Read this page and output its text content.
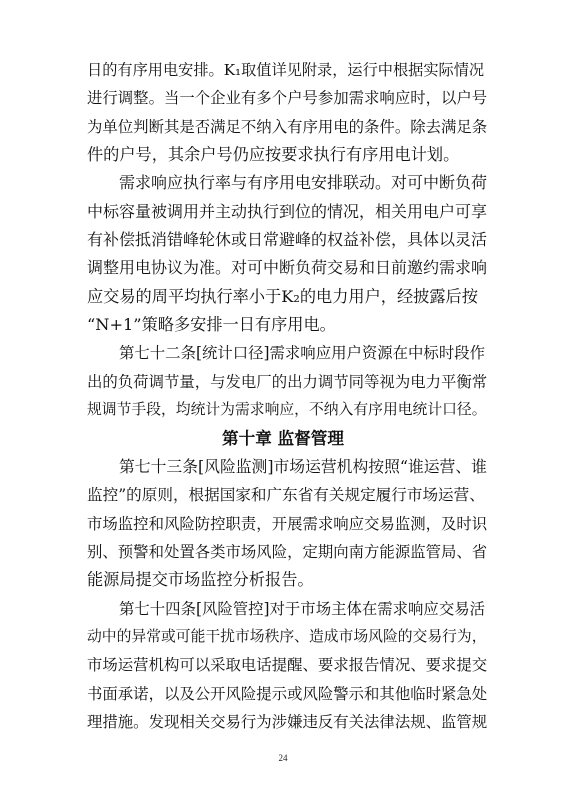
日的有序用电安排。K₁取值详见附录，运行中根据实际情况
进行调整。当一个企业有多个户号参加需求响应时，以户号
为单位判断其是否满足不纳入有序用电的条件。除去满足条
件的户号，其余户号仍应按要求执行有序用电计划。
需求响应执行率与有序用电安排联动。对可中断负荷
中标容量被调用并主动执行到位的情况，相关用电户可享
有补偿抵消错峰轮休或日常避峰的权益补偿，具体以灵活
调整用电协议为准。对可中断负荷交易和日前邀约需求响
应交易的周平均执行率小于K₂的电力用户，经披露后按
“N+1”策略多安排一日有序用电。
第七十二条[统计口径]需求响应用户资源在中标时段作
出的负荷调节量，与发电厂的出力调节同等视为电力平衡常
规调节手段，均统计为需求响应，不纳入有序用电统计口径。
第十章 监督管理
第七十三条[风险监测]市场运营机构按照“谁运营、谁
监控”的原则，根据国家和广东省有关规定履行市场运营、
市场监控和风险防控职责，开展需求响应交易监测，及时识
别、预警和处置各类市场风险，定期向南方能源监管局、省
能源局提交市场监控分析报告。
第七十四条[风险管控]对于市场主体在需求响应交易活
动中的异常或可能干扰市场秩序、造成市场风险的交易行为，
市场运营机构可以采取电话提醒、要求报告情况、要求提交
书面承诺，以及公开风险提示或风险警示和其他临时紧急处
理措施。发现相关交易行为涉嫌违反有关法律法规、监管规
24
